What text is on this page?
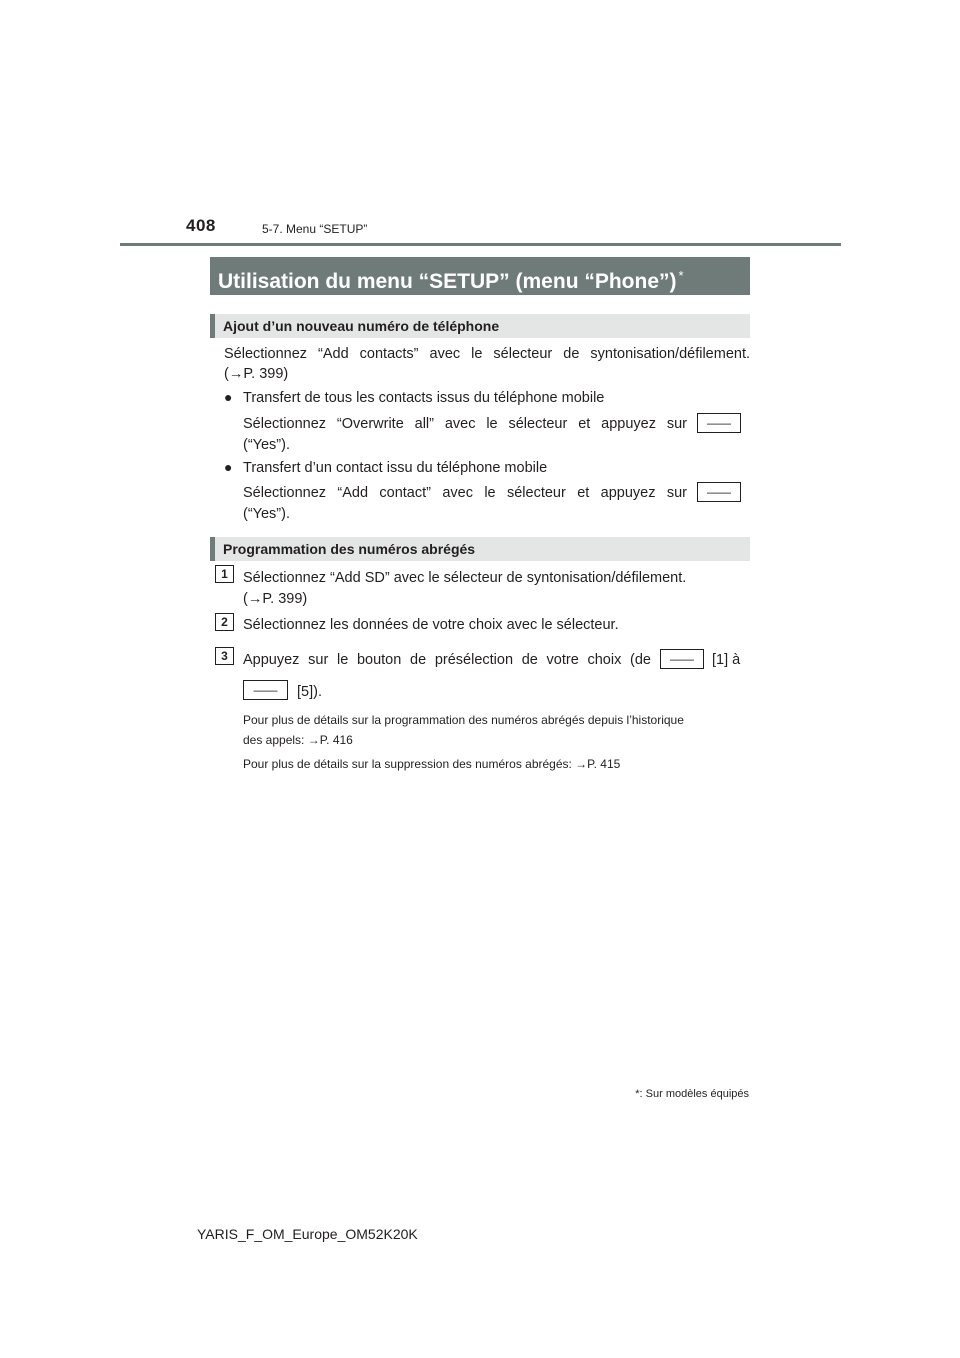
408	5-7. Menu “SETUP”
Utilisation du menu “SETUP” (menu “Phone”) *
Ajout d’un nouveau numéro de téléphone
Sélectionnez “Add contacts” avec le sélecteur de syntonisation/défilement.
(→P. 399)
● Transfert de tous les contacts issus du téléphone mobile
Sélectionnez “Overwrite all” avec le sélecteur et appuyez sur	——
(“Yes”).
● Transfert d’un contact issu du téléphone mobile
Sélectionnez “Add contact” avec le sélecteur et appuyez sur	——
(“Yes”).
Programmation des numéros abrégés
1	Sélectionnez “Add SD” avec le sélecteur de syntonisation/défilement.
(→P. 399)
2	Sélectionnez les données de votre choix avec le sélecteur.
3	Appuyez sur le bouton de présélection de votre choix (de	——	[1] à
——	[5]).
Pour plus de détails sur la programmation des numéros abrégés depuis l’historique
des appels: →P. 416
Pour plus de détails sur la suppression des numéros abrégés: →P. 415
*: Sur modèles équipés
YARIS_F_OM_Europe_OM52K20K
